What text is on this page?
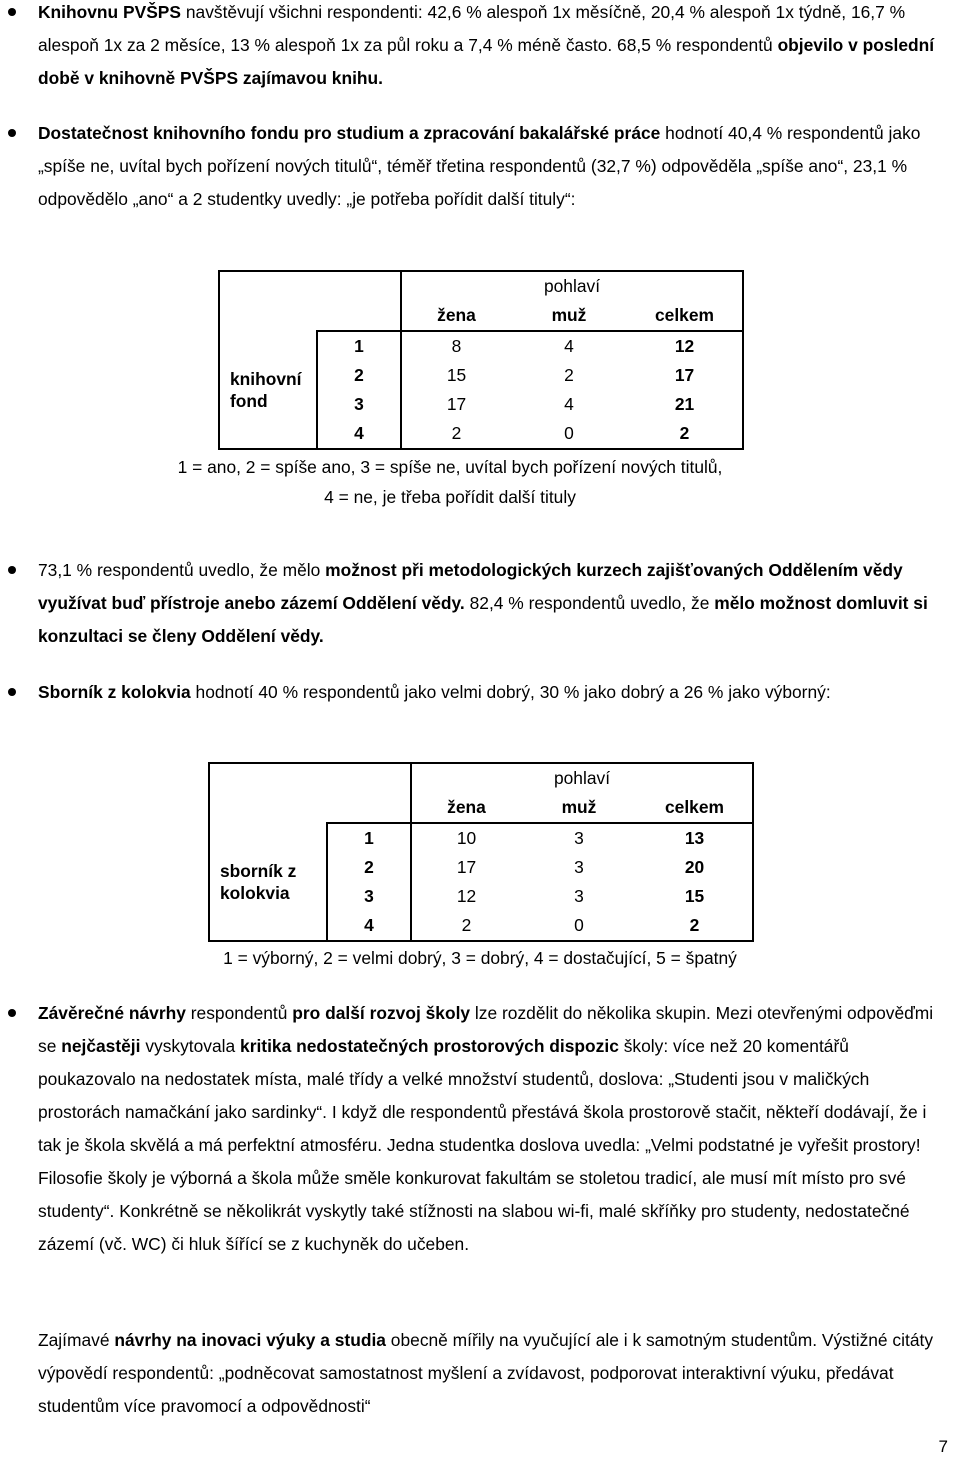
Knihovnu PVŠPS navštěvují všichni respondenti: 42,6 % alespoň 1x měsíčně, 20,4 % alespoň 1x týdně, 16,7 % alespoň 1x za 2 měsíce, 13 % alespoň 1x za půl roku a 7,4 % méně často. 68,5 % respondentů objevilo v poslední době v knihovně PVŠPS zajímavou knihu.
Dostatečnost knihovního fondu pro studium a zpracování bakalářské práce hodnotí 40,4 % respondentů jako „spíše ne, uvítal bych pořízení nových titulů“, téměř třetina respondentů (32,7 %) odpověděla „spíše ano“, 23,1 % odpovědělo „ano“ a 2 studentky uvedly: „je potřeba pořídit další tituly“:
		pohlaví		
		žena	muž	celkem

knihovní fond	1	8	4	12
	2	15	2	17
	3	17	4	21
	4	2	0	2
1 = ano, 2 = spíše ano, 3 = spíše ne, uvítal bych pořízení nových titulů,
4 = ne, je třeba pořídit další tituly
73,1 % respondentů uvedlo, že mělo možnost při metodologických kurzech zajišťovaných Oddělením vědy využívat buď přístroje anebo zázemí Oddělení vědy. 82,4 % respondentů uvedlo, že mělo možnost domluvit si konzultaci se členy Oddělení vědy.
Sborník z kolokvia hodnotí 40 % respondentů jako velmi dobrý, 30 % jako dobrý a 26 % jako výborný:
		pohlaví		
		žena	muž	celkem

sborník z kolokvia	1	10	3	13
	2	17	3	20
	3	12	3	15
	4	2	0	2
1 = výborný, 2 = velmi dobrý, 3 = dobrý, 4 = dostačující, 5 = špatný
Závěrečné návrhy respondentů pro další rozvoj školy lze rozdělit do několika skupin. Mezi otevřenými odpověďmi se nejčastěji vyskytovala kritika nedostatečných prostorových dispozic školy: více než 20 komentářů poukazovalo na nedostatek místa, malé třídy a velké množství studentů, doslova: „Studenti jsou v maličkých prostorách namačkání jako sardinky“. I když dle respondentů přestává škola prostorově stačit, někteří dodávají, že i tak je škola skvělá a má perfektní atmosféru. Jedna studentka doslova uvedla: „Velmi podstatné je vyřešit prostory! Filosofie školy je výborná a škola může směle konkurovat fakultám se stoletou tradicí, ale musí mít místo pro své studenty“. Konkrétně se několikrát vyskytly také stížnosti na slabou wi-fi, malé skříňky pro studenty, nedostatečné zázemí (vč. WC) či hluk šířící se z kuchyněk do učeben.
Zajímavé návrhy na inovaci výuky a studia obecně mířily na vyučující ale i k samotným studentům. Výstižné citáty výpovědí respondentů: „podněcovat samostatnost myšlení a zvídavost, podporovat interaktivní výuku, předávat studentům více pravomocí a odpovědnosti“
7
